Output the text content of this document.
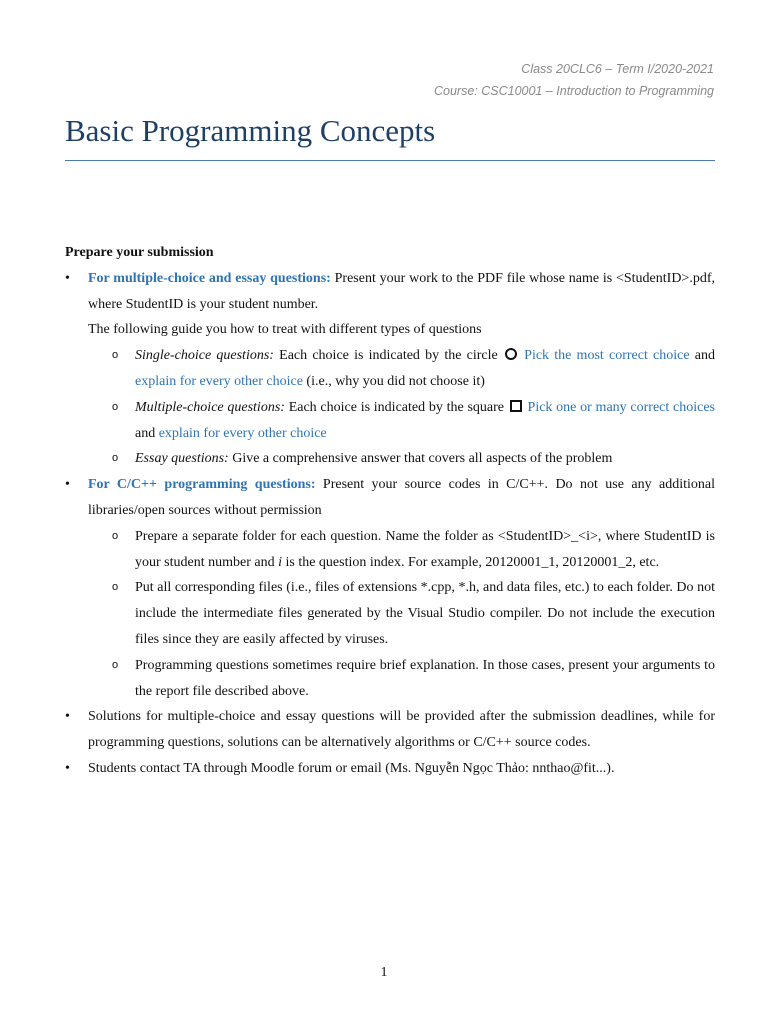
Class 20CLC6 – Term I/2020-2021
Course: CSC10001 – Introduction to Programming
Basic Programming Concepts

Prepare your submission

• For multiple-choice and essay questions: Present your work to the PDF file whose name is <StudentID>.pdf, where StudentID is your student number.
The following guide you how to treat with different types of questions
o Single-choice questions: Each choice is indicated by the circle  Pick the most correct choice and explain for every other choice (i.e., why you did not choose it)
o Multiple-choice questions: Each choice is indicated by the square  Pick one or many correct choices and explain for every other choice
o Essay questions: Give a comprehensive answer that covers all aspects of the problem
• For C/C++ programming questions: Present your source codes in C/C++. Do not use any additional libraries/open sources without permission
o Prepare a separate folder for each question. Name the folder as <StudentID>_<i>, where StudentID is your student number and i is the question index. For example, 20120001_1, 20120001_2, etc.
o Put all corresponding files (i.e., files of extensions *.cpp, *.h, and data files, etc.) to each folder. Do not include the intermediate files generated by the Visual Studio compiler. Do not include the execution files since they are easily affected by viruses.
o Programming questions sometimes require brief explanation. In those cases, present your arguments to the report file described above.
• Solutions for multiple-choice and essay questions will be provided after the submission deadlines, while for programming questions, solutions can be alternatively algorithms or C/C++ source codes.
• Students contact TA through Moodle forum or email (Ms. Nguyễn Ngọc Thảo: nnthao@fit...).
1
